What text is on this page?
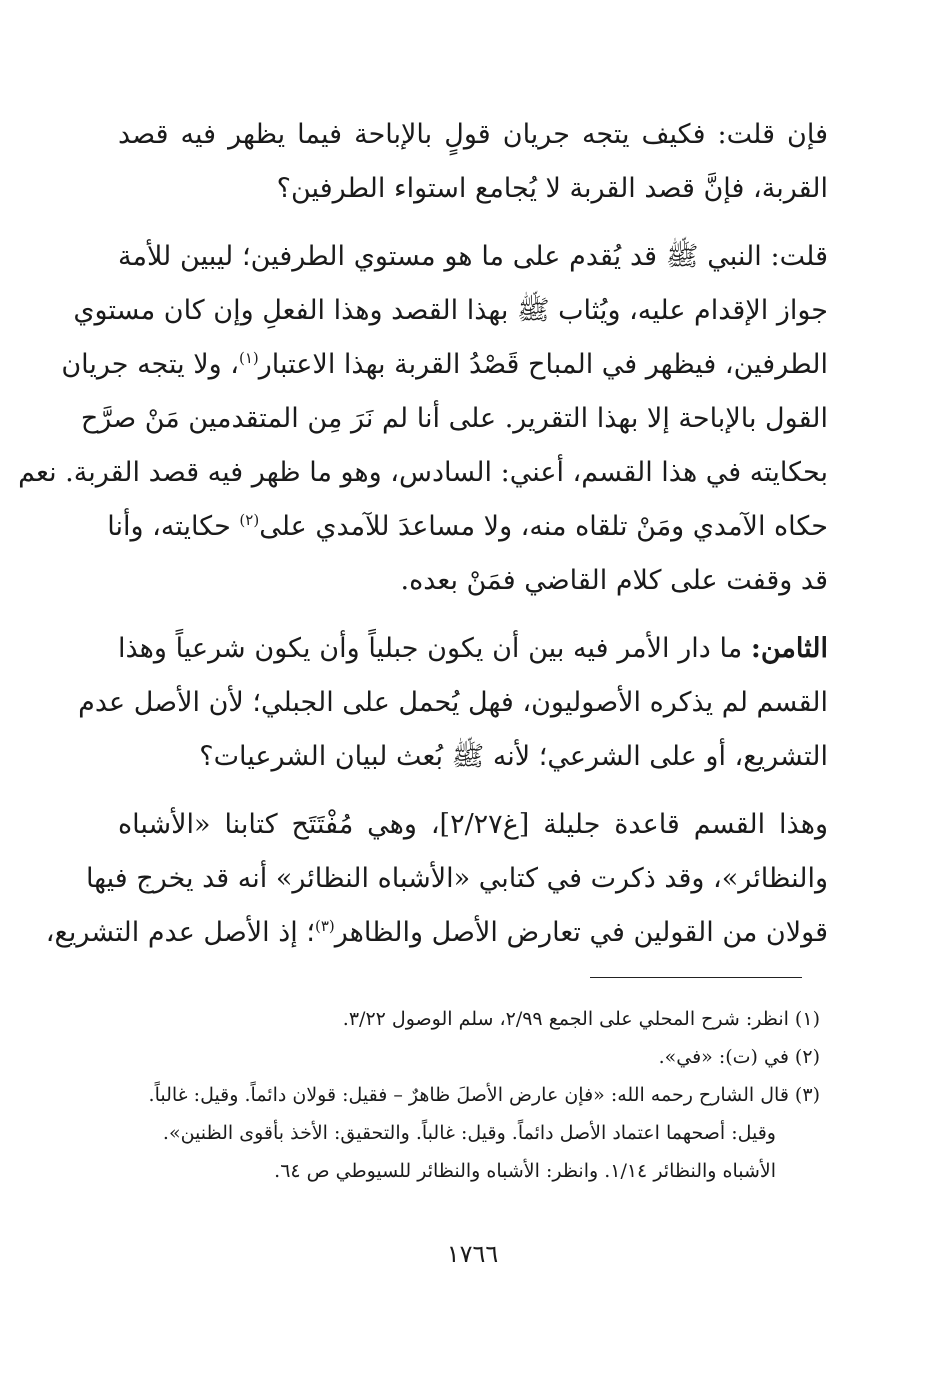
فإن قلت: فكيف يتجه جريان قولٍ بالإباحة فيما يظهر فيه قصد
القربة، فإنَّ قصد القربة لا يُجامع استواء الطرفين؟
قلت: النبي ﷺ قد يُقدم على ما هو مستوي الطرفين؛ ليبين للأمة
جواز الإقدام عليه، ويُثاب ﷺ بهذا القصد وهذا الفعلِ وإن كان مستوي
الطرفين، فيظهر في المباح قَصْدُ القربة بهذا الاعتبار$^{(١)}$، ولا يتجه جريان
القول بالإباحة إلا بهذا التقرير. على أنا لم نَرَ مِن المتقدمين مَنْ صرَّح
بحكايته في هذا القسم، أعني: السادس، وهو ما ظهر فيه قصد القربة. نعم
حكاه الآمدي ومَنْ تلقاه منه، ولا مساعدَ للآمدي على$^{(٢)}$ حكايته، وأنا
قد وقفت على كلام القاضي فمَنْ بعده.
الثامن: ما دار الأمر فيه بين أن يكون جبلياً وأن يكون شرعياً وهذا
القسم لم يذكره الأصوليون، فهل يُحمل على الجبلي؛ لأن الأصل عدم
التشريع، أو على الشرعي؛ لأنه ﷺ بُعث لبيان الشرعيات؟
وهذا القسم قاعدة جليلة [غ٢/٢٧]، وهي مُفْتَتَح كتابنا «الأشباه
والنظائر»، وقد ذكرت في كتابي «الأشباه النظائر» أنه قد يخرج فيها
قولان من القولين في تعارض الأصل والظاهر$^{(٣)}$؛ إذ الأصل عدم التشريع،
(١) انظر: شرح المحلي على الجمع ٢/٩٩، سلم الوصول ٣/٢٢.
(٢) في (ت): «في».
(٣) قال الشارح رحمه الله: «فإن عارض الأصلَ ظاهرٌ – فقيل: قولان دائماً. وقيل: غالباً.
وقيل: أصحهما اعتماد الأصل دائماً. وقيل: غالباً. والتحقيق: الأخذ بأقوى الظنين».
الأشباه والنظائر ١/١٤. وانظر: الأشباه والنظائر للسيوطي ص ٦٤.
١٧٦٦
